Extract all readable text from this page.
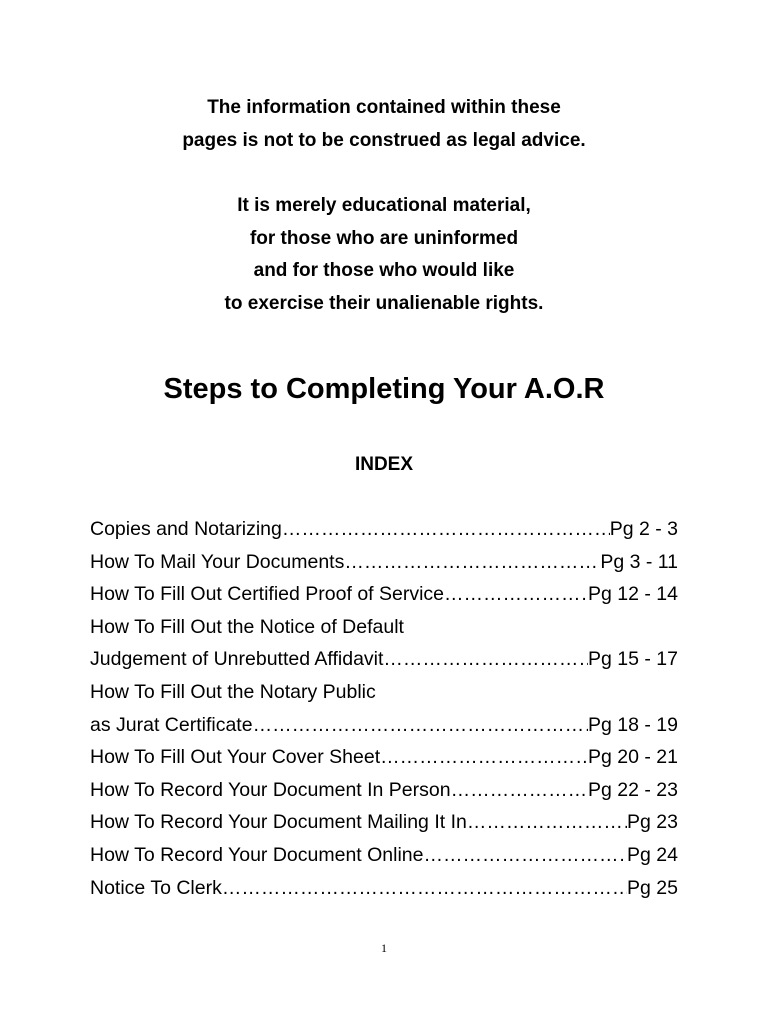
The information contained within these
pages is not to be construed as legal advice.
It is merely educational material,
for those who are uninformed
and for those who would like
to exercise their unalienable rights.
Steps to Completing Your A.O.R
INDEX
Copies and Notarizing ………………………………………………………………………………………………………………………………………	Pg 2 - 3
How To Mail Your Documents ………………………………………………………………………………………………………………………………………	Pg 3 - 11
How To Fill Out Certified Proof of Service ………………………………………………………………………………………………………………………………………	Pg 12 - 14
How To Fill Out the Notice of Default
Judgement of Unrebutted Affidavit ………………………………………………………………………………………………………………………………………	Pg 15 - 17
How To Fill Out the Notary Public
as Jurat Certificate ………………………………………………………………………………………………………………………………………	Pg 18 - 19
How To Fill Out Your Cover Sheet ………………………………………………………………………………………………………………………………………	Pg 20 - 21
How To Record Your Document In Person ………………………………………………………………………………………………………………………………………	Pg 22 - 23
How To Record Your Document Mailing It In ………………………………………………………………………………………………………………………………………	Pg 23
How To Record Your Document Online ………………………………………………………………………………………………………………………………………	Pg 24
Notice To Clerk ………………………………………………………………………………………………………………………………………	Pg 25
1
